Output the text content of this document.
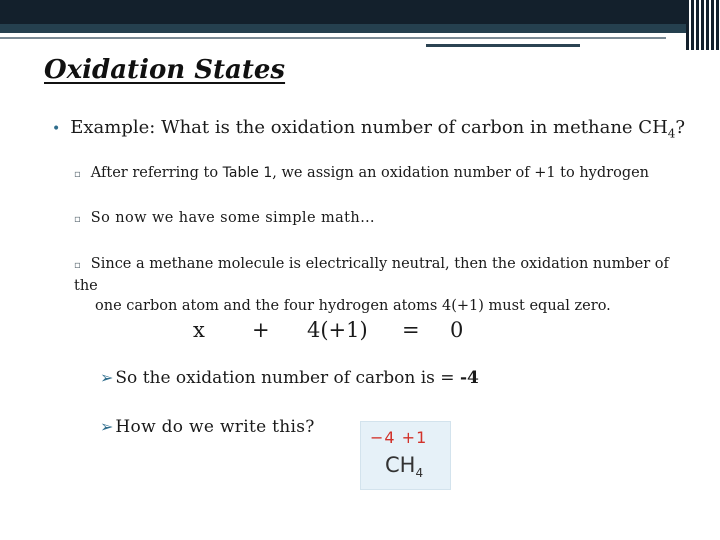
Oxidation States
• Example: What is the oxidation number of carbon in methane $CH_4$?
▫ After referring to Table 1, we assign an oxidation number of +1 to hydrogen
▫ So now we have some simple math…
▫ Since a methane molecule is electrically neutral, then the oxidation number of the
one carbon atom and the four hydrogen atoms 4(+1) must equal zero.
x + 4(+1) = 0
➢ So the oxidation number of carbon is = -4
➢ How do we write this?
−4 +1
$CH_4$
